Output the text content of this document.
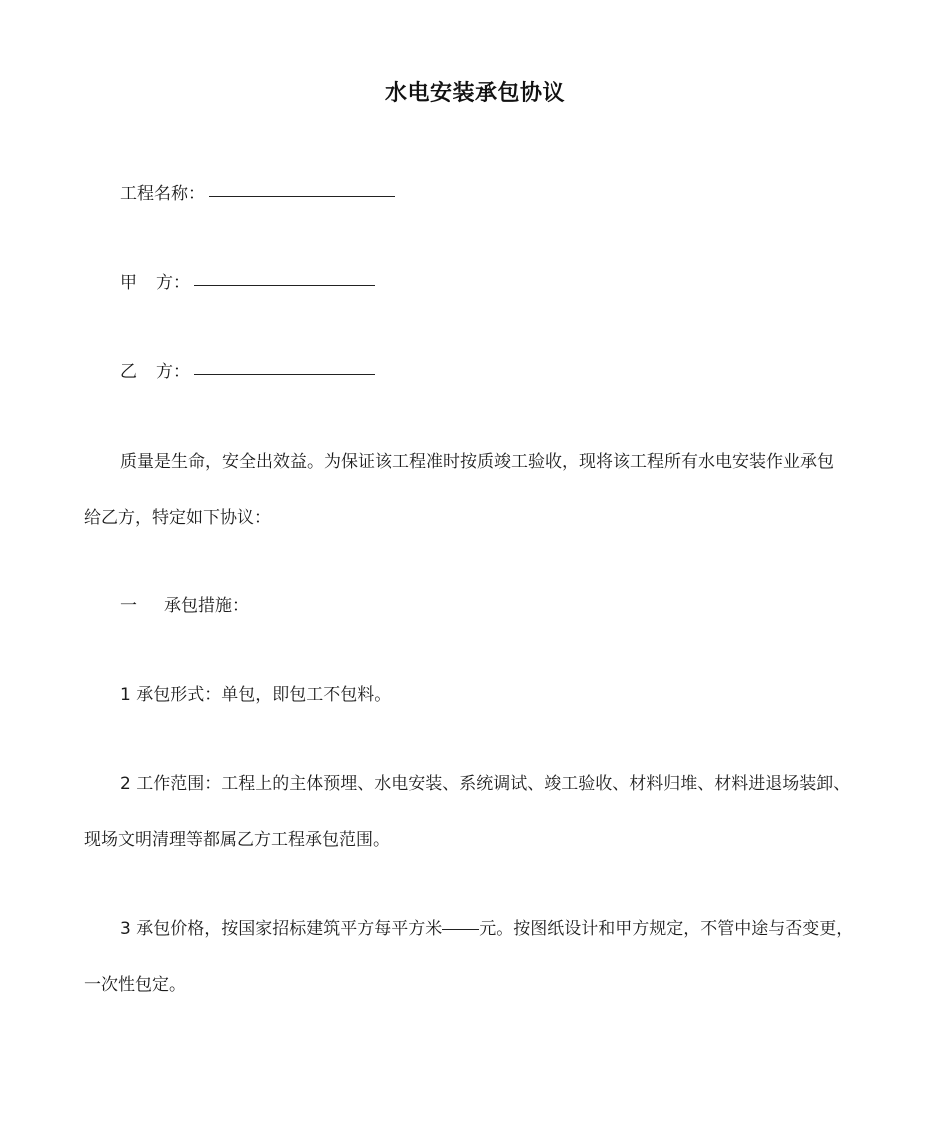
水电安装承包协议
工程名称：
甲 方：
乙 方：
质量是生命，安全出效益。为保证该工程准时按质竣工验收，现将该工程所有水电安装作业承包
给乙方，特定如下协议：
一 承包措施：
1 承包形式：单包，即包工不包料。
2 工作范围：工程上的主体预埋、水电安装、系统调试、竣工验收、材料归堆、材料进退场装卸、
现场文明清理等都属乙方工程承包范围。
3 承包价格，按国家招标建筑平方每平方米 元。按图纸设计和甲方规定，不管中途与否变更，
一次性包定。
